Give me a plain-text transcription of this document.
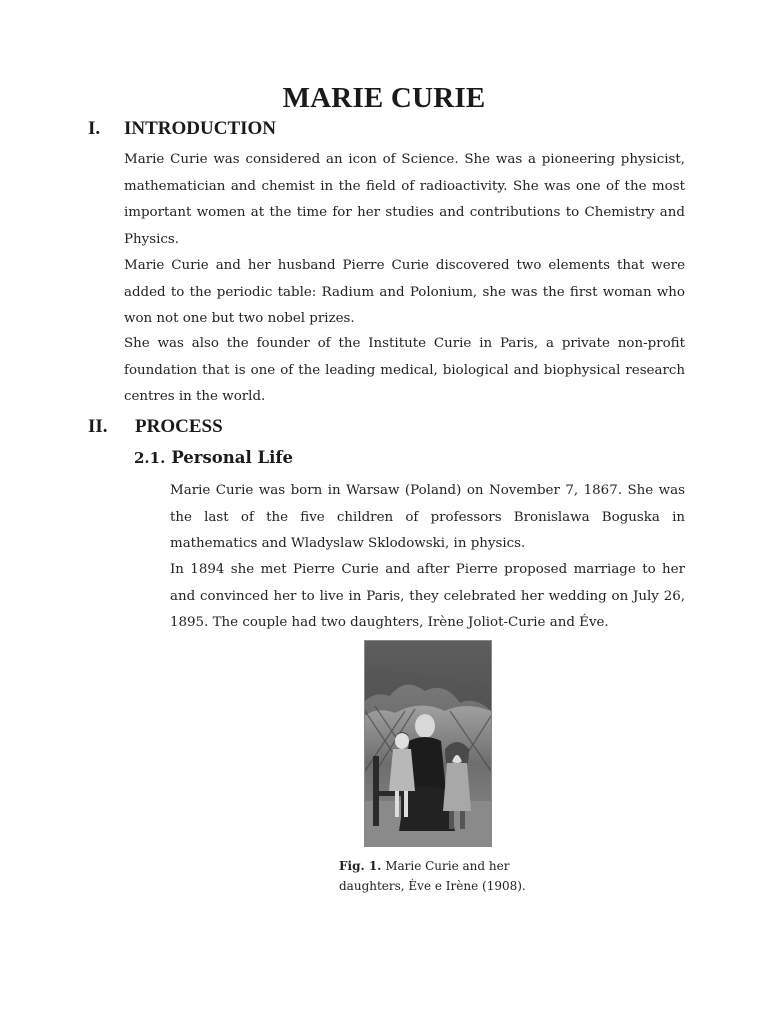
MARIE CURIE
I. INTRODUCTION

Marie Curie was considered an icon of Science. She was a pioneering physicist, mathematician and chemist in the field of radioactivity. She was one of the most important women at the time for her studies and contributions to Chemistry and Physics.

Marie Curie and her husband Pierre Curie discovered two elements that were added to the periodic table: Radium and Polonium, she was the first woman who won not one but two nobel prizes.

She was also the founder of the Institute Curie in Paris, a private non-profit foundation that is one of the leading medical, biological and biophysical research centres in the world.

II. PROCESS
2.1. Personal Life

Marie Curie was born in Warsaw (Poland) on November 7, 1867. She was the last of the five children of professors Bronislawa Boguska in mathematics and Wladyslaw Sklodowski, in physics.

In 1894 she met Pierre Curie and after Pierre proposed marriage to her and convinced her to live in Paris, they celebrated her wedding on July 26, 1895. The couple had two daughters, Irène Joliot-Curie and Éve.

Fig. 1. Marie Curie and her daughters, Ève e Irène (1908).
